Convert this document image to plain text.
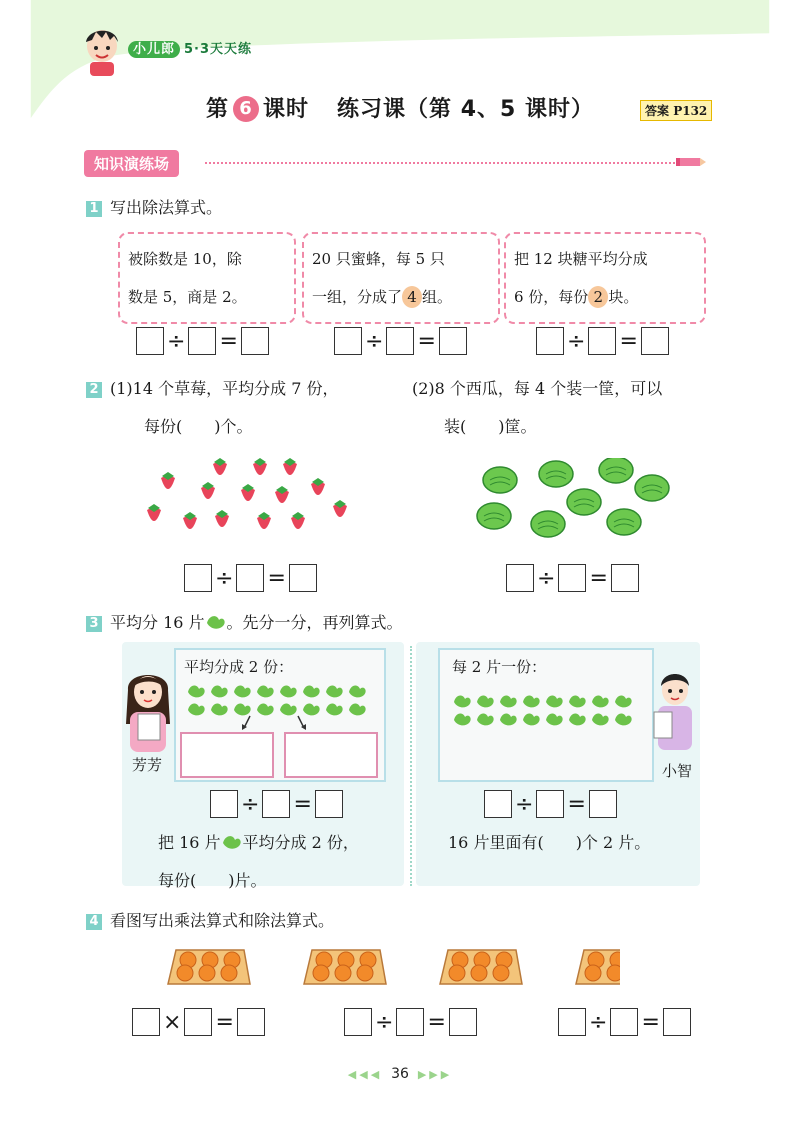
小儿郎 5·3天天练
第 6 课时 练习课（第 4、5 课时）	答案 P132
知识演练场
1 写出除法算式。
被除数是 10，除
数是 5，商是 2。
20 只蜜蜂，每 5 只
一组，分成了 4 组。
把 12 块糖平均分成
6 份，每份 2 块。
÷ =	÷ =	÷ =
2 (1)14 个草莓，平均分成 7 份，
每份(　　)个。
(2)8 个西瓜，每 4 个装一筐，可以
装(　　)筐。
÷ =	÷ =
3 平均分 16 片 。先分一分，再列算式。
平均分成 2 份：	每 2 片一份：
芳芳	小智
÷ =	÷ =
把 16 片 平均分成 2 份，
每份(　　)片。
16 片里面有(　　)个 2 片。
4 看图写出乘法算式和除法算式。
× =	÷ =	÷ =
◀◀◀ 36 ▶▶▶
